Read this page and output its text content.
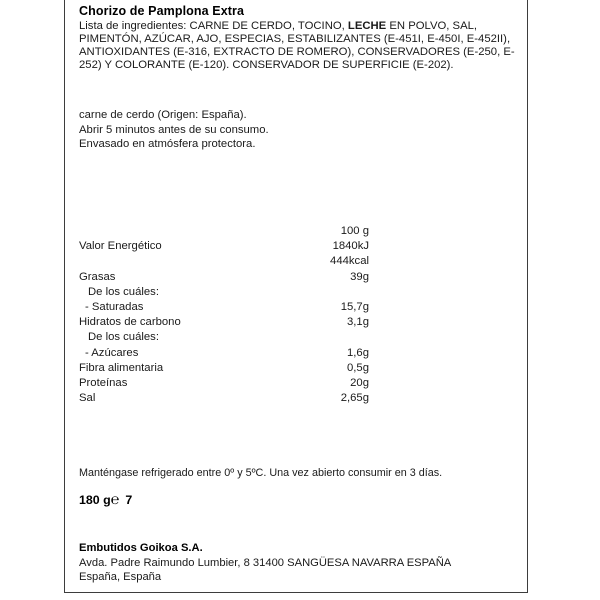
Chorizo de Pamplona Extra
Lista de ingredientes: CARNE DE CERDO, TOCINO, LECHE EN POLVO, SAL, PIMENTÓN, AZÚCAR, AJO, ESPECIAS, ESTABILIZANTES (E-451I, E-450I, E-452II), ANTIOXIDANTES (E-316, EXTRACTO DE ROMERO), CONSERVADORES (E-250, E-252) Y COLORANTE (E-120). CONSERVADOR DE SUPERFICIE (E-202).
carne de cerdo (Origen: España).
Abrir 5 minutos antes de su consumo.
Envasado en atmósfera protectora.
100 g
Valor Energético	1840kJ
444kcal
Grasas	39g
De los cuáles:
- Saturadas	15,7g
Hidratos de carbono	3,1g
De los cuáles:
- Azúcares	1,6g
Fibra alimentaria	0,5g
Proteínas	20g
Sal	2,65g
Manténgase refrigerado entre 0º y 5ºC. Una vez abierto consumir en 3 días.
180 g℮ 7
Embutidos Goikoa S.A.
Avda. Padre Raimundo Lumbier, 8 31400 SANGÜESA NAVARRA ESPAÑA
España, España
